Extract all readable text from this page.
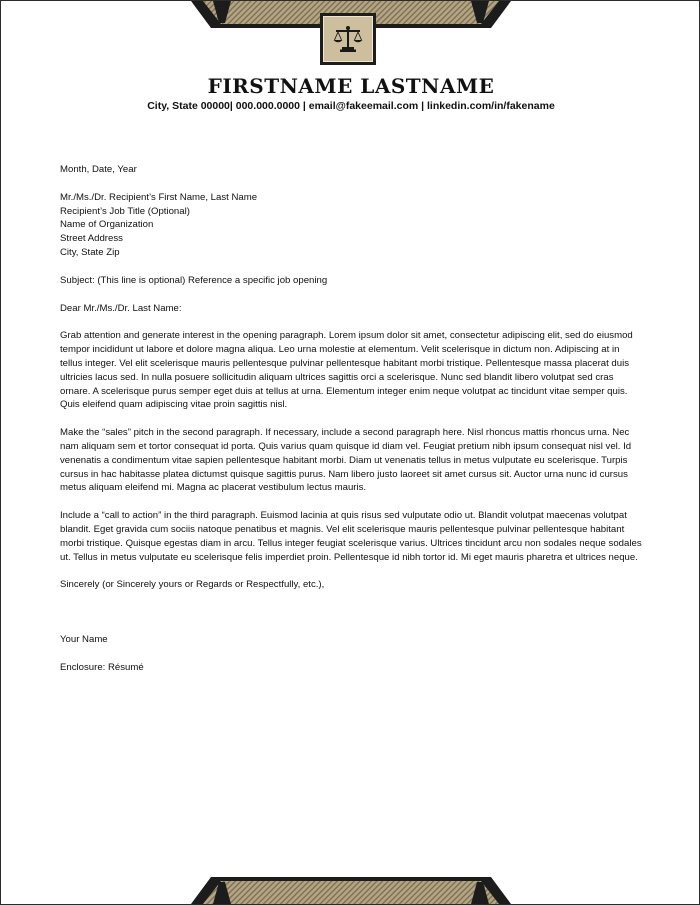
FIRSTNAME LASTNAME
City, State 00000| 000.000.0000 | email@fakeemail.com | linkedin.com/in/fakename

Month, Date, Year

Mr./Ms./Dr. Recipient’s First Name, Last Name

Recipient’s Job Title (Optional)

Name of Organization

Street Address

City, State Zip

Subject: (This line is optional) Reference a specific job opening

Dear Mr./Ms./Dr. Last Name:

Grab attention and generate interest in the opening paragraph. Lorem ipsum dolor sit amet, consectetur adipiscing elit, sed do eiusmod tempor incididunt ut labore et dolore magna aliqua. Leo urna molestie at elementum. Velit scelerisque in dictum non. Adipiscing at in tellus integer. Vel elit scelerisque mauris pellentesque pulvinar pellentesque habitant morbi tristique. Pellentesque massa placerat duis ultricies lacus sed. In nulla posuere sollicitudin aliquam ultrices sagittis orci a scelerisque. Nunc sed blandit libero volutpat sed cras ornare. A scelerisque purus semper eget duis at tellus at urna. Elementum integer enim neque volutpat ac tincidunt vitae semper quis. Quis eleifend quam adipiscing vitae proin sagittis nisl.

Make the “sales” pitch in the second paragraph. If necessary, include a second paragraph here. Nisl rhoncus mattis rhoncus urna. Nec nam aliquam sem et tortor consequat id porta. Quis varius quam quisque id diam vel. Feugiat pretium nibh ipsum consequat nisl vel. Id venenatis a condimentum vitae sapien pellentesque habitant morbi. Diam ut venenatis tellus in metus vulputate eu scelerisque. Turpis cursus in hac habitasse platea dictumst quisque sagittis purus. Nam libero justo laoreet sit amet cursus sit. Auctor urna nunc id cursus metus aliquam eleifend mi. Magna ac placerat vestibulum lectus mauris.

Include a “call to action” in the third paragraph. Euismod lacinia at quis risus sed vulputate odio ut. Blandit volutpat maecenas volutpat blandit. Eget gravida cum sociis natoque penatibus et magnis. Vel elit scelerisque mauris pellentesque pulvinar pellentesque habitant morbi tristique. Quisque egestas diam in arcu. Tellus integer feugiat scelerisque varius. Ultrices tincidunt arcu non sodales neque sodales ut. Tellus in metus vulputate eu scelerisque felis imperdiet proin. Pellentesque id nibh tortor id. Mi eget mauris pharetra et ultrices neque.

Sincerely (or Sincerely yours or Regards or Respectfully, etc.),

Your Name

Enclosure: Résumé
